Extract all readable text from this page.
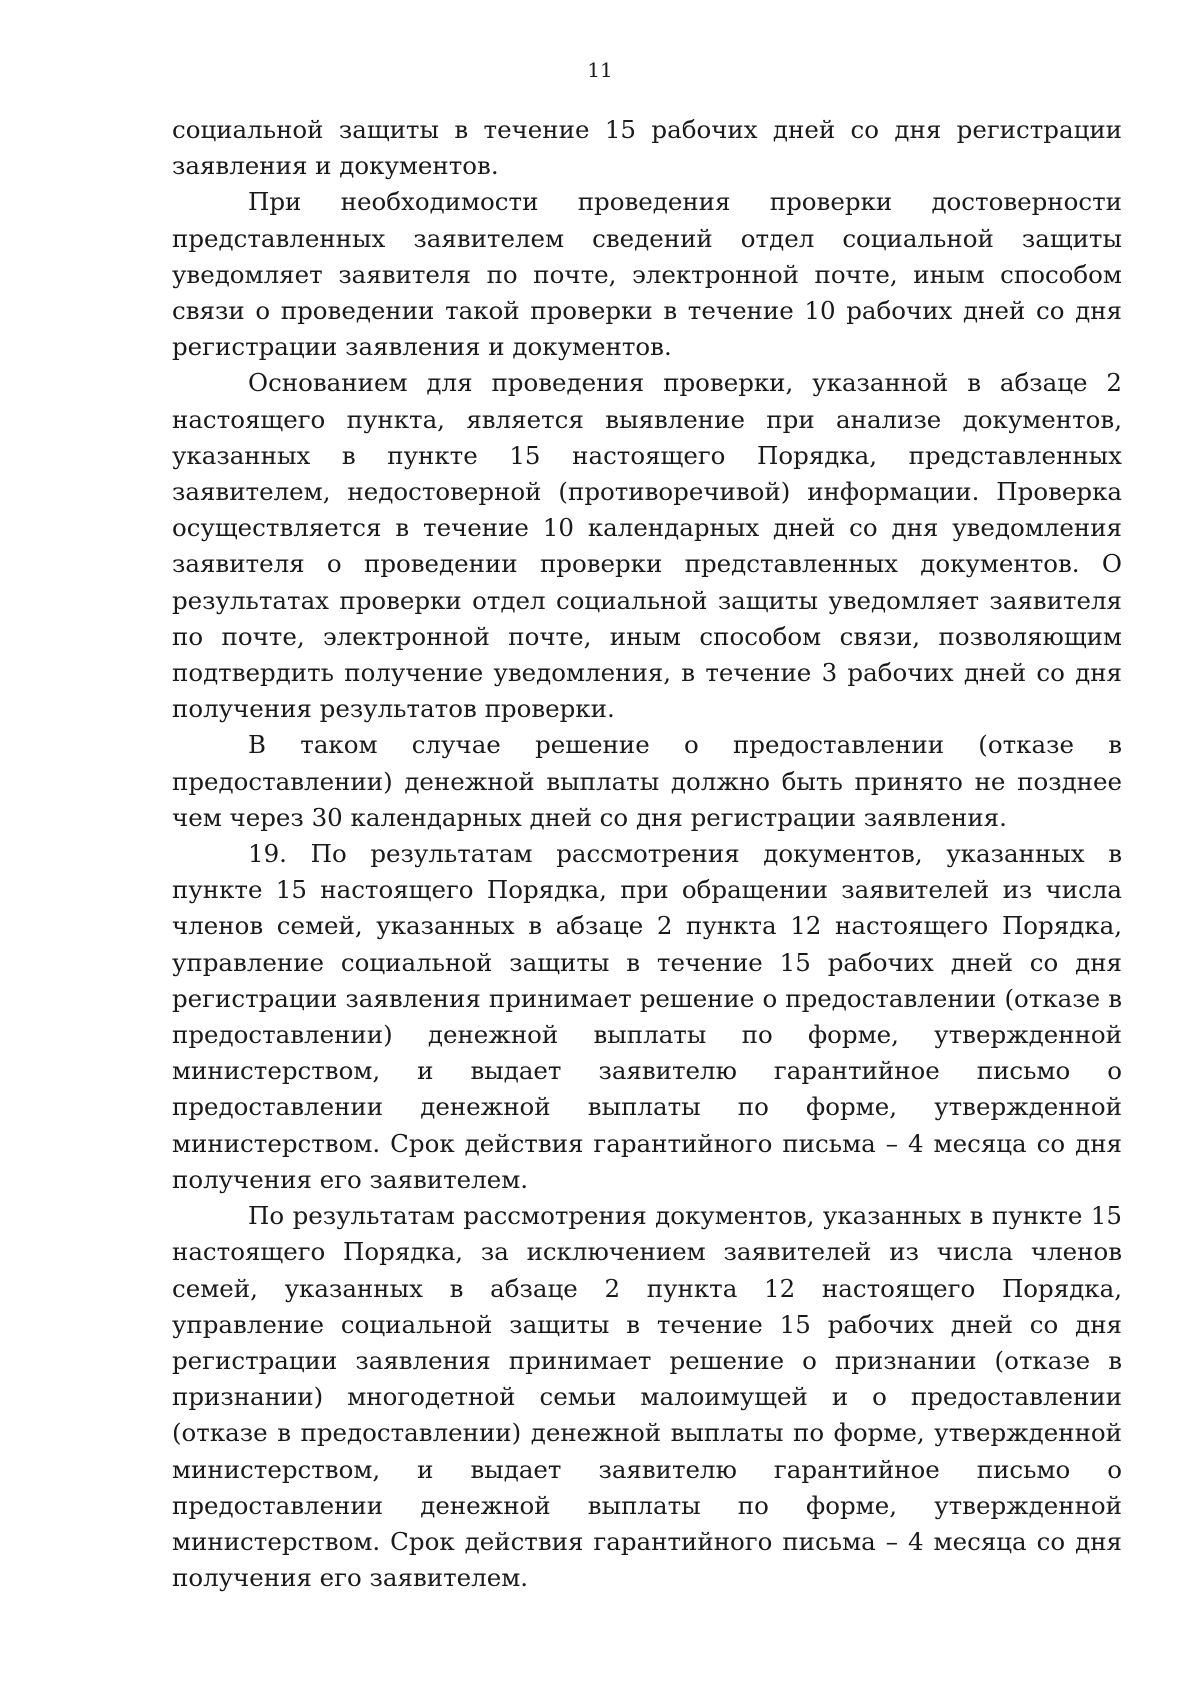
11

социальной защиты в течение 15 рабочих дней со дня регистрации заявления и документов.

При необходимости проведения проверки достоверности представленных заявителем сведений отдел социальной защиты уведомляет заявителя по почте, электронной почте, иным способом связи о проведении такой проверки в течение 10 рабочих дней со дня регистрации заявления и документов.

Основанием для проведения проверки, указанной в абзаце 2 настоящего пункта, является выявление при анализе документов, указанных в пункте 15 настоящего Порядка, представленных заявителем, недостоверной (противоречивой) информации. Проверка осуществляется в течение 10 календарных дней со дня уведомления заявителя о проведении проверки представленных документов. О результатах проверки отдел социальной защиты уведомляет заявителя по почте, электронной почте, иным способом связи, позволяющим подтвердить получение уведомления, в течение 3 рабочих дней со дня получения результатов проверки.

В таком случае решение о предоставлении (отказе в предоставлении) денежной выплаты должно быть принято не позднее чем через 30 календарных дней со дня регистрации заявления.

19. По результатам рассмотрения документов, указанных в пункте 15 настоящего Порядка, при обращении заявителей из числа членов семей, указанных в абзаце 2 пункта 12 настоящего Порядка, управление социальной защиты в течение 15 рабочих дней со дня регистрации заявления принимает решение о предоставлении (отказе в предоставлении) денежной выплаты по форме, утвержденной министерством, и выдает заявителю гарантийное письмо о предоставлении денежной выплаты по форме, утвержденной министерством. Срок действия гарантийного письма – 4 месяца со дня получения его заявителем.

По результатам рассмотрения документов, указанных в пункте 15 настоящего Порядка, за исключением заявителей из числа членов семей, указанных в абзаце 2 пункта 12 настоящего Порядка, управление социальной защиты в течение 15 рабочих дней со дня регистрации заявления принимает решение о признании (отказе в признании) многодетной семьи малоимущей и о предоставлении (отказе в предоставлении) денежной выплаты по форме, утвержденной министерством, и выдает заявителю гарантийное письмо о предоставлении денежной выплаты по форме, утвержденной министерством. Срок действия гарантийного письма – 4 месяца со дня получения его заявителем.
